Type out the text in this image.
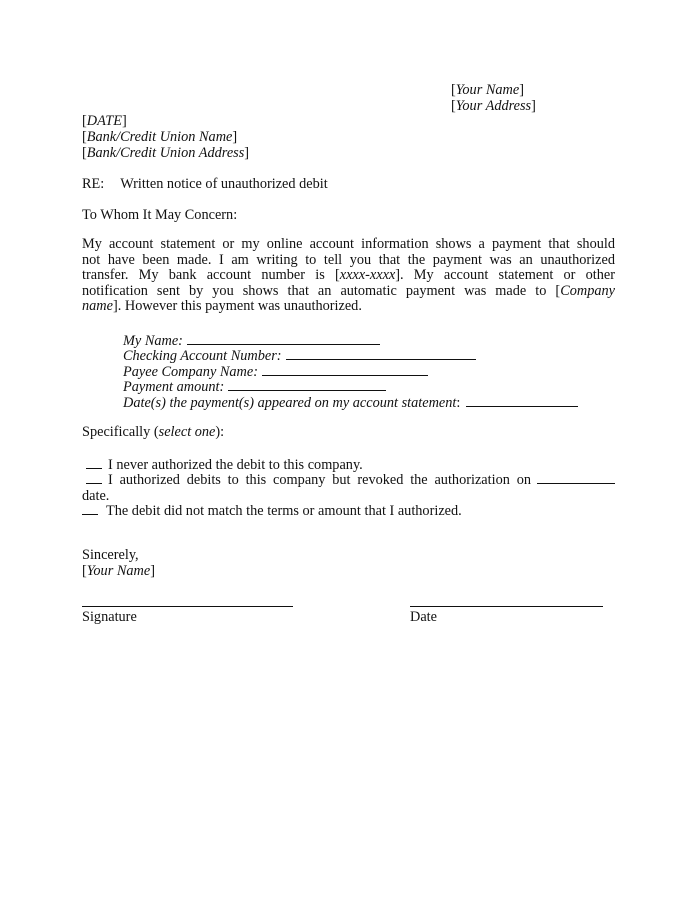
[Your Name]
[Your Address]
[DATE]
[Bank/Credit Union Name]
[Bank/Credit Union Address]
RE: Written notice of unauthorized debit
To Whom It May Concern:
My account statement or my online account information shows a payment that should
not have been made. I am writing to tell you that the payment was an unauthorized
transfer. My bank account number is [xxxx-xxxx]. My account statement or other
notification sent by you shows that an automatic payment was made to [Company
name]. However this payment was unauthorized.
My Name:
Checking Account Number:
Payee Company Name:
Payment amount:
Date(s) the payment(s) appeared on my account statement:
Specifically (select one):
I never authorized the debit to this company.
I authorized debits to this company but revoked the authorization on
date.
The debit did not match the terms or amount that I authorized.
Sincerely,
[Your Name]
Signature	Date
